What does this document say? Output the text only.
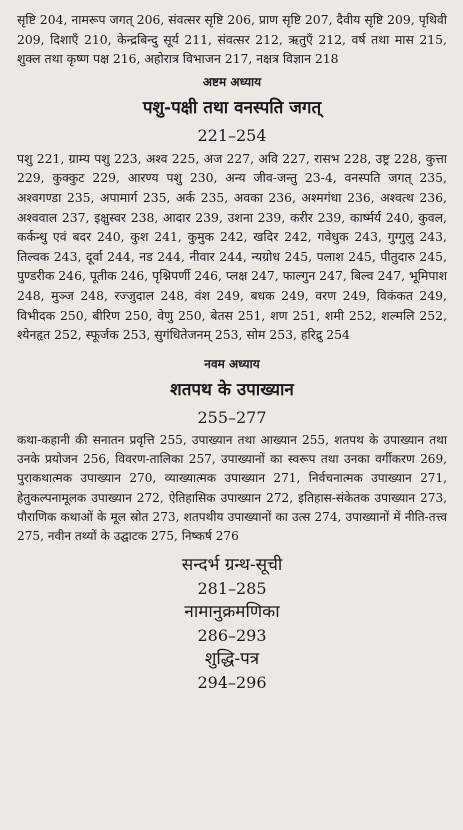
सृष्टि 204, नामरूप जगत् 206, संवत्सर सृष्टि 206, प्राण सृष्टि 207, दैवीय सृष्टि 209, पृथिवी 209, दिशाएँ 210, केन्द्रबिन्दु सूर्य 211, संवत्सर 212, ऋतुएँ 212, वर्ष तथा मास 215, शुक्ल तथा कृष्ण पक्ष 216, अहोरात्र विभाजन 217, नक्षत्र विज्ञान 218

अष्टम अध्याय
पशु-पक्षी तथा वनस्पति जगत्
221–254

पशु 221, ग्राम्य पशु 223, अश्व 225, अज 227, अवि 227, रासभ 228, उष्ट्र 228, कुत्ता 229, कुक्कुट 229, आरण्य पशु 230, अन्य जीव-जन्तु 23-4, वनस्पति जगत् 235, अश्वगण्डा 235, अपामार्ग 235, अर्क 235, अवका 236, अश्मगंधा 236, अश्वत्थ 236, अश्ववाल 237, इक्षुस्वर 238, आदार 239, उशना 239, करीर 239, कार्ष्मर्य 240, कुवल, कर्कन्धु एवं बदर 240, कुश 241, कुमुक 242, खदिर 242, गवेधुक 243, गुग्गुलु 243, तिल्वक 243, दूर्वा 244, नड 244, नीवार 244, न्यग्रोध 245, पलाश 245, पीतुदारु 245, पुण्डरीक 246, पूतीक 246, पृश्निपर्णी 246, प्लक्ष 247, फाल्गुन 247, बिल्व 247, भूमिपाश 248, मुञ्ज 248, रज्जुदाल 248, वंश 249, बधक 249, वरण 249, विकंकत 249, विभीदक 250, बीरिण 250, वेणु 250, बेतस 251, शण 251, शमी 252, शल्मलि 252, श्येनहृत 252, स्फूर्जक 253, सुगंधितेजनम् 253, सोम 253, हरिद्रु 254

नवम अध्याय
शतपथ के उपाख्यान
255–277

कथा-कहानी की सनातन प्रवृत्ति 255, उपाख्यान तथा आख्यान 255, शतपथ के उपाख्यान तथा उनके प्रयोजन 256, विवरण-तालिका 257, उपाख्यानों का स्वरूप तथा उनका वर्गीकरण 269, पुराकथात्मक उपाख्यान 270, व्याख्यात्मक उपाख्यान 271, निर्वचनात्मक उपाख्यान 271, हेतुकल्पनामूलक उपाख्यान 272, ऐतिहासिक उपाख्यान 272, इतिहास-संकेतक उपाख्यान 273, पौराणिक कथाओं के मूल स्रोत 273, शतपथीय उपाख्यानों का उत्स 274, उपाख्यानों में नीति-तत्त्व 275, नवीन तथ्यों के उद्घाटक 275, निष्कर्ष 276

सन्दर्भ ग्रन्थ-सूची
281–285
नामानुक्रमणिका
286–293
शुद्धि-पत्र
294–296
